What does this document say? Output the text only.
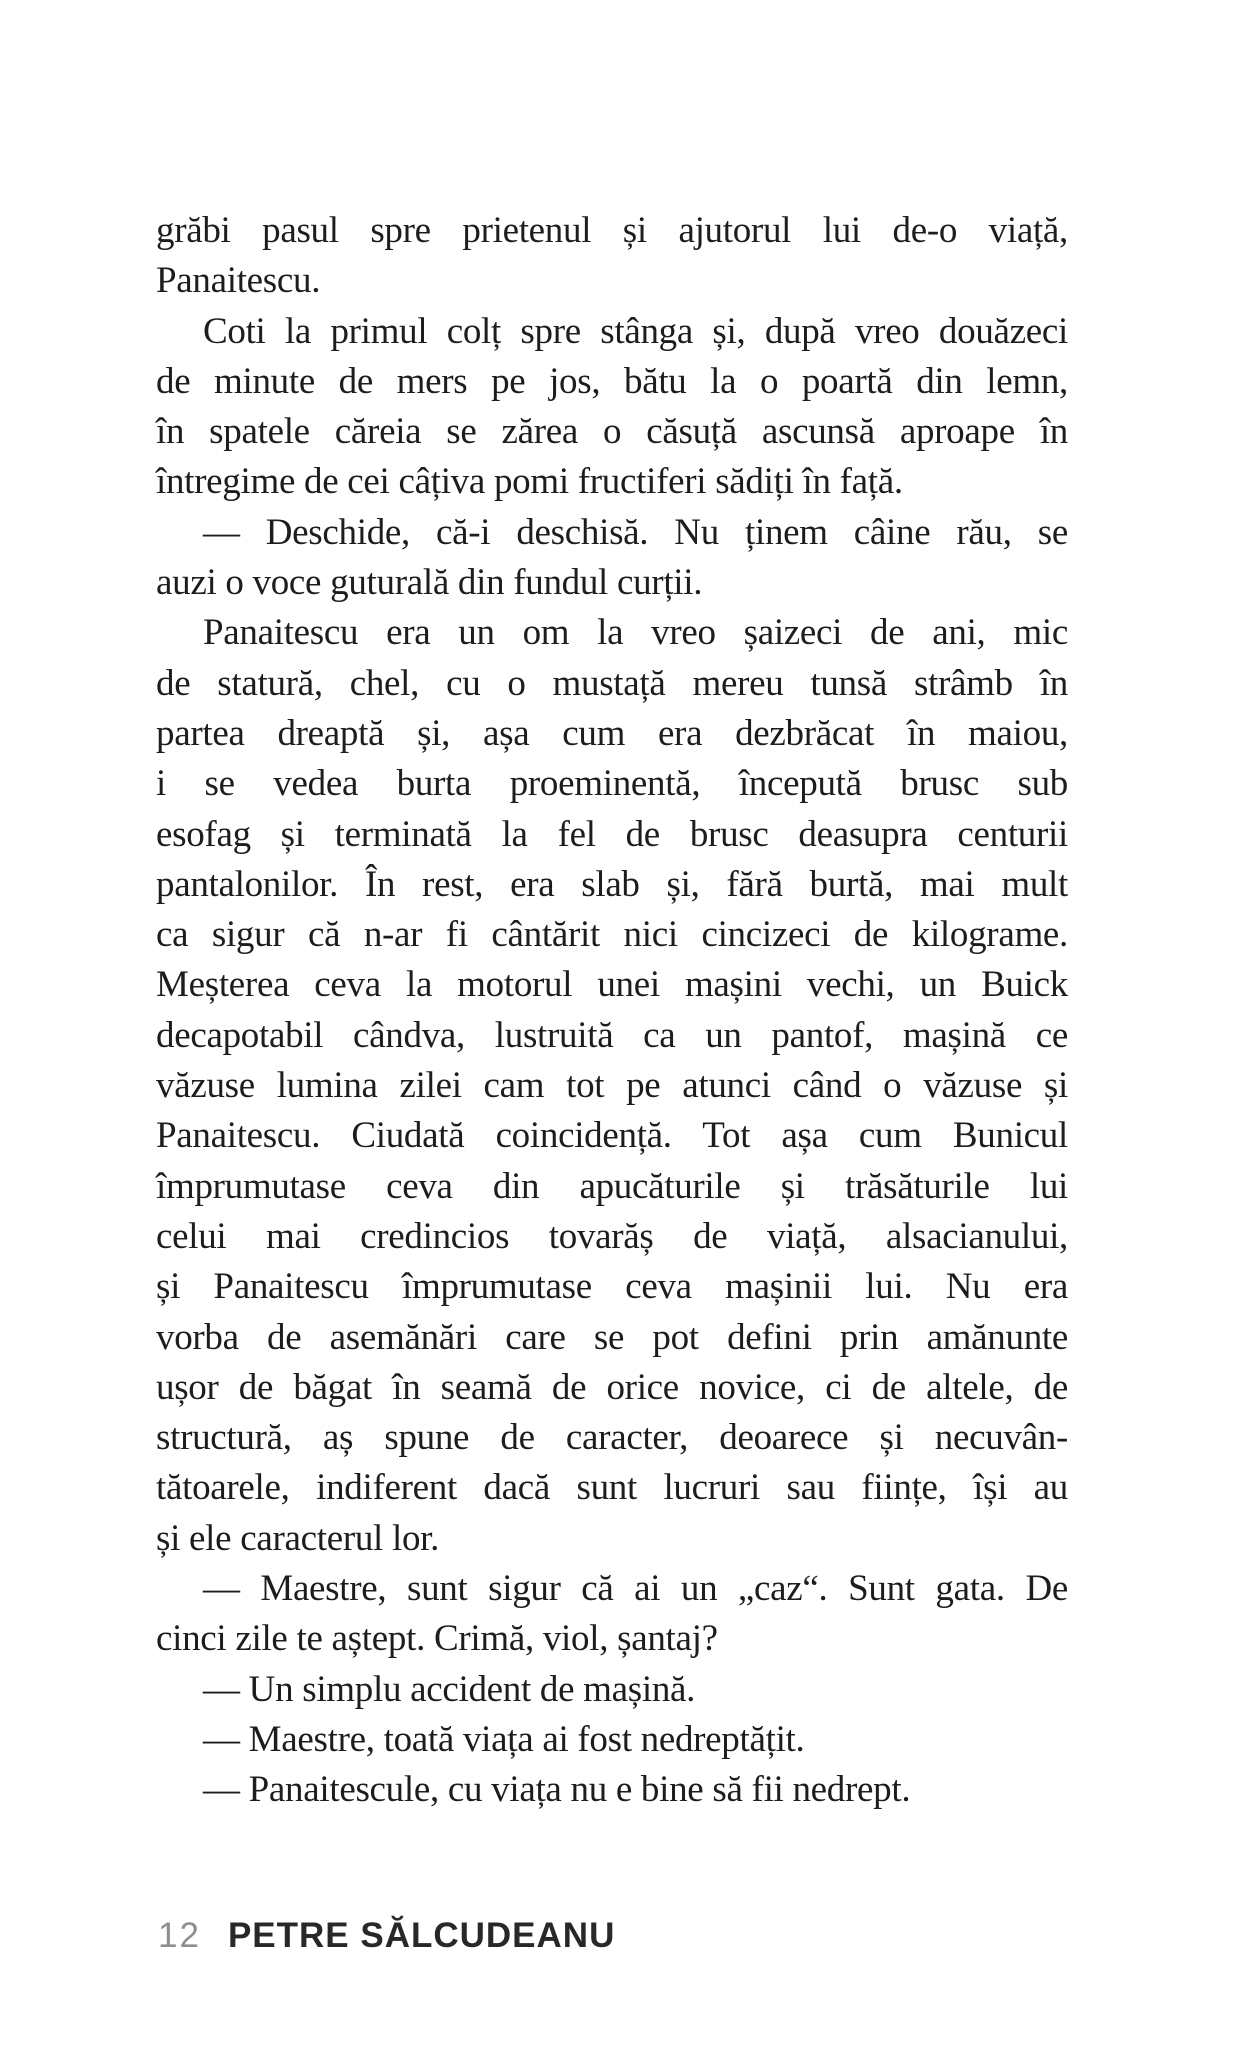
grăbi pasul spre prietenul și ajutorul lui de-o viață,

Panaitescu.

Coti la primul colț spre stânga și, după vreo douăzeci

de minute de mers pe jos, bătu la o poartă din lemn,

în spatele căreia se zărea o căsuță ascunsă aproape în

întregime de cei câțiva pomi fructiferi sădiți în față.

— Deschide, că-i deschisă. Nu ținem câine rău, se

auzi o voce guturală din fundul curții.

Panaitescu era un om la vreo șaizeci de ani, mic

de statură, chel, cu o mustață mereu tunsă strâmb în

partea dreaptă și, așa cum era dezbrăcat în maiou,

i se vedea burta proeminentă, începută brusc sub

esofag și terminată la fel de brusc deasupra centurii

pantalonilor. În rest, era slab și, fără burtă, mai mult

ca sigur că n-ar fi cântărit nici cincizeci de kilograme.

Meșterea ceva la motorul unei mașini vechi, un Buick

decapotabil cândva, lustruită ca un pantof, mașină ce

văzuse lumina zilei cam tot pe atunci când o văzuse și

Panaitescu. Ciudată coincidență. Tot așa cum Bunicul

împrumutase ceva din apucăturile și trăsăturile lui

celui mai credincios tovarăș de viață, alsacianului,

și Panaitescu împrumutase ceva mașinii lui. Nu era

vorba de asemănări care se pot defini prin amănunte

ușor de băgat în seamă de orice novice, ci de altele, de

structură, aș spune de caracter, deoarece și necuvân-

tătoarele, indiferent dacă sunt lucruri sau ființe, își au

și ele caracterul lor.

— Maestre, sunt sigur că ai un „caz“. Sunt gata. De

cinci zile te aștept. Crimă, viol, șantaj?

— Un simplu accident de mașină.

— Maestre, toată viața ai fost nedreptățit.

— Panaitescule, cu viața nu e bine să fii nedrept.

12 PETRE SĂLCUDEANU
